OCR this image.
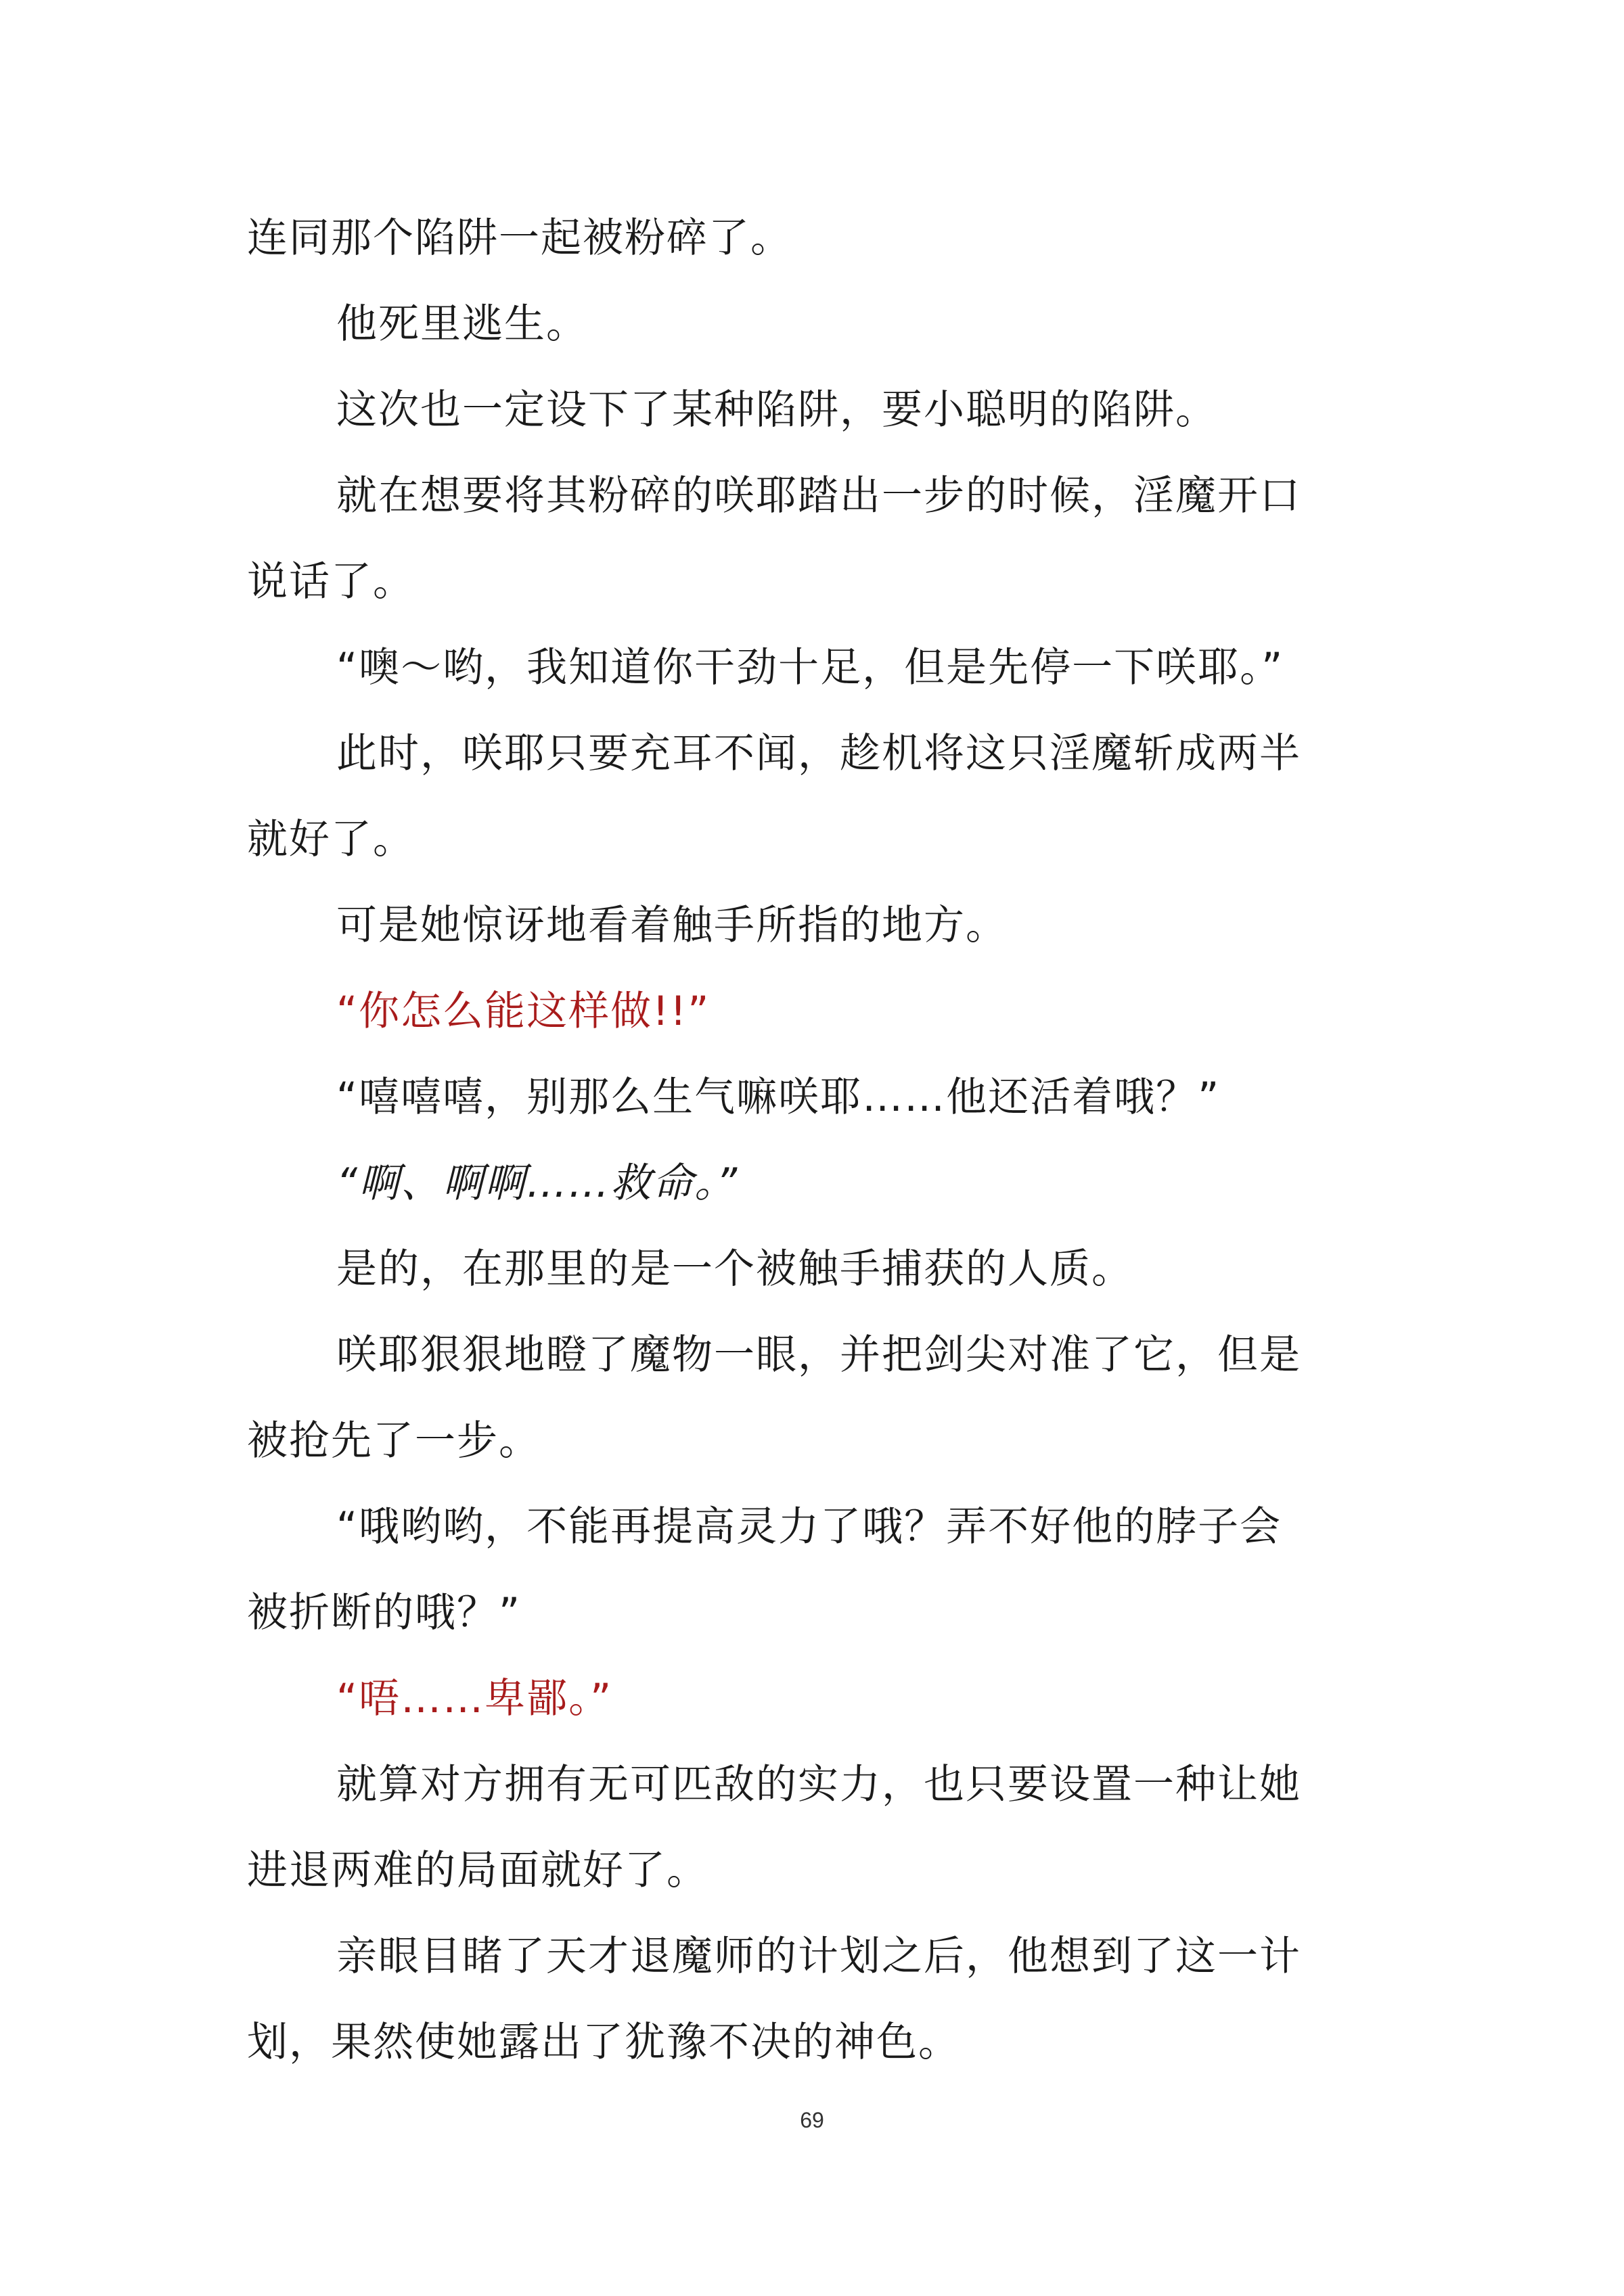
连同那个陷阱一起被粉碎了。
他死里逃生。
这次也一定设下了某种陷阱，要小聪明的陷阱。
就在想要将其粉碎的咲耶踏出一步的时候，淫魔开口
说话了。
“噢～哟，我知道你干劲十足，但是先停一下咲耶。”
此时，咲耶只要充耳不闻，趁机将这只淫魔斩成两半
就好了。
可是她惊讶地看着触手所指的地方。
“你怎么能这样做!!”
“嘻嘻嘻，别那么生气嘛咲耶……他还活着哦？”
“啊、啊啊……救命。”
是的，在那里的是一个被触手捕获的人质。
咲耶狠狠地瞪了魔物一眼，并把剑尖对准了它，但是
被抢先了一步。
“哦哟哟，不能再提高灵力了哦？弄不好他的脖子会
被折断的哦？”
“唔……卑鄙。”
就算对方拥有无可匹敌的实力，也只要设置一种让她
进退两难的局面就好了。
亲眼目睹了天才退魔师的计划之后，他想到了这一计
划，果然使她露出了犹豫不决的神色。
69
